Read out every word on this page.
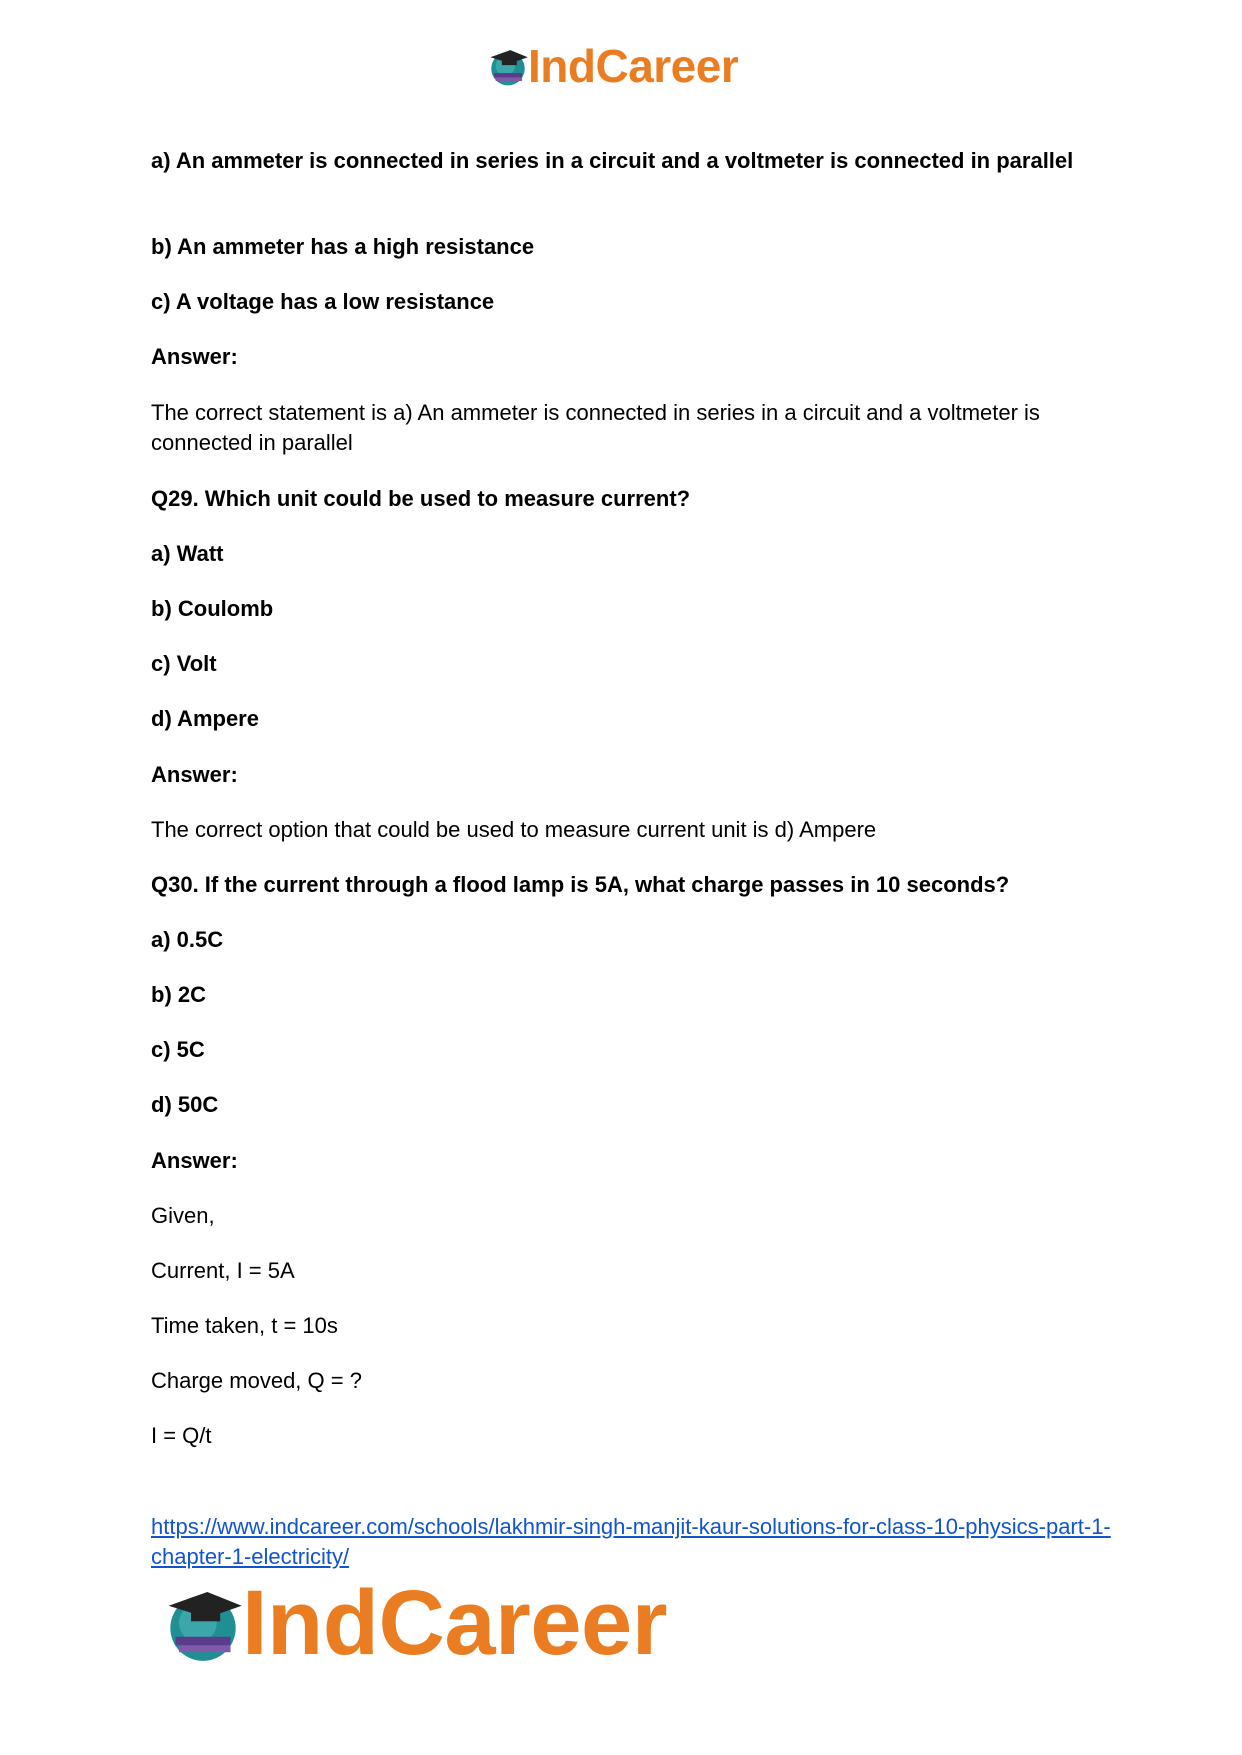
IndCareer
a) An ammeter is connected in series in a circuit and a voltmeter is connected in parallel
b) An ammeter has a high resistance
c) A voltage has a low resistance
Answer:
The correct statement is a) An ammeter is connected in series in a circuit and a voltmeter is connected in parallel
Q29. Which unit could be used to measure current?
a) Watt
b) Coulomb
c) Volt
d) Ampere
Answer:
The correct option that could be used to measure current unit is d) Ampere
Q30. If the current through a flood lamp is 5A, what charge passes in 10 seconds?
a) 0.5C
b) 2C
c) 5C
d) 50C
Answer:
Given,
Current, I = 5A
Time taken, t = 10s
Charge moved, Q = ?
I = Q/t
https://www.indcareer.com/schools/lakhmir-singh-manjit-kaur-solutions-for-class-10-physics-part-1-chapter-1-electricity/
IndCareer
